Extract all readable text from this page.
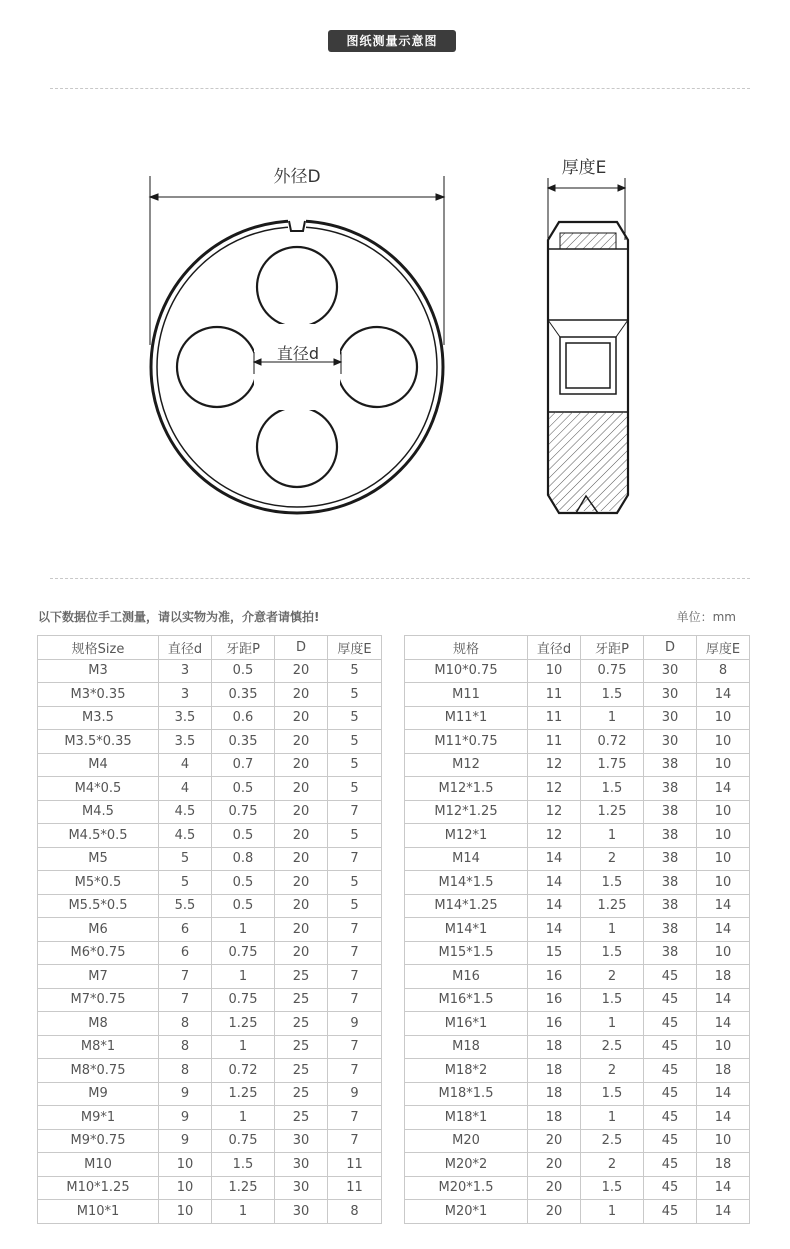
图纸测量示意图
外径D
直径d
厚度E
以下数据位手工测量，请以实物为准，介意者请慎拍!	单位：mm
规格Size	直径d	牙距P	D	厚度E
M3	3	0.5	20	5
M3*0.35	3	0.35	20	5
M3.5	3.5	0.6	20	5
M3.5*0.35	3.5	0.35	20	5
M4	4	0.7	20	5
M4*0.5	4	0.5	20	5
M4.5	4.5	0.75	20	7
M4.5*0.5	4.5	0.5	20	5
M5	5	0.8	20	7
M5*0.5	5	0.5	20	5
M5.5*0.5	5.5	0.5	20	5
M6	6	1	20	7
M6*0.75	6	0.75	20	7
M7	7	1	25	7
M7*0.75	7	0.75	25	7
M8	8	1.25	25	9
M8*1	8	1	25	7
M8*0.75	8	0.72	25	7
M9	9	1.25	25	9
M9*1	9	1	25	7
M9*0.75	9	0.75	30	7
M10	10	1.5	30	11
M10*1.25	10	1.25	30	11
M10*1	10	1	30	8
规格	直径d	牙距P	D	厚度E
M10*0.75	10	0.75	30	8
M11	11	1.5	30	14
M11*1	11	1	30	10
M11*0.75	11	0.72	30	10
M12	12	1.75	38	10
M12*1.5	12	1.5	38	14
M12*1.25	12	1.25	38	10
M12*1	12	1	38	10
M14	14	2	38	10
M14*1.5	14	1.5	38	10
M14*1.25	14	1.25	38	14
M14*1	14	1	38	14
M15*1.5	15	1.5	38	10
M16	16	2	45	18
M16*1.5	16	1.5	45	14
M16*1	16	1	45	14
M18	18	2.5	45	10
M18*2	18	2	45	18
M18*1.5	18	1.5	45	14
M18*1	18	1	45	14
M20	20	2.5	45	10
M20*2	20	2	45	18
M20*1.5	20	1.5	45	14
M20*1	20	1	45	14
